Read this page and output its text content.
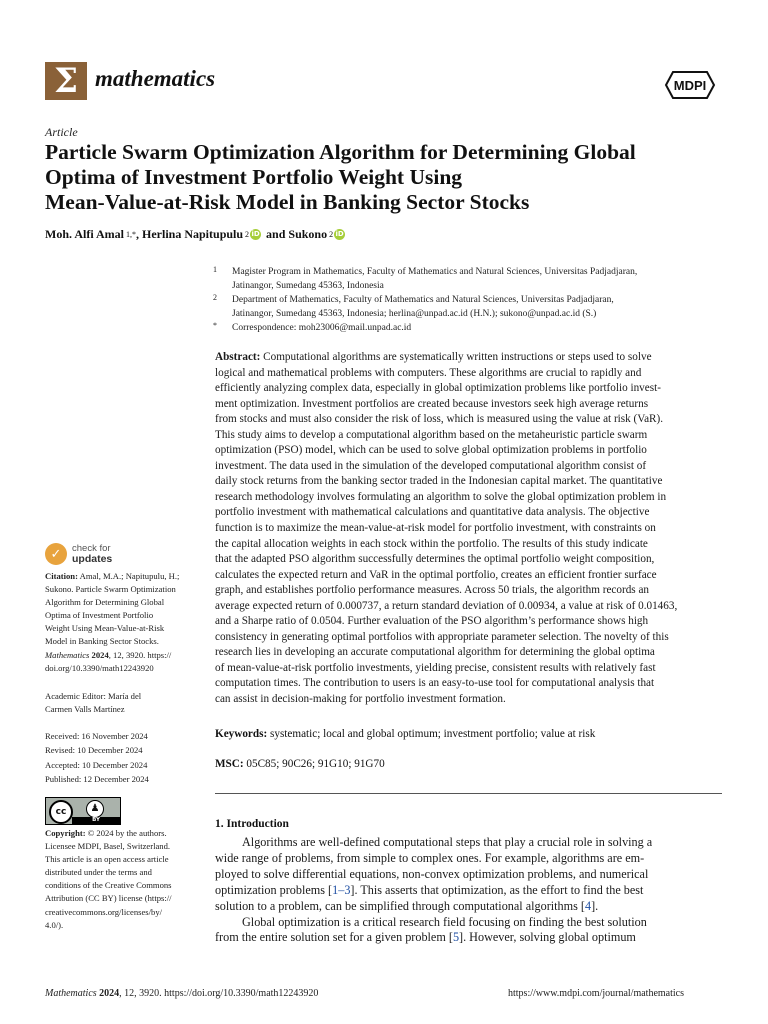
Σ mathematics	MDPI
Article
Particle Swarm Optimization Algorithm for Determining Global
Optima of Investment Portfolio Weight Using
Mean-Value-at-Risk Model in Banking Sector Stocks
Moh. Alfi Amal 1,* , Herlina Napitupulu 2 iD and Sukono 2 iD
1 Magister Program in Mathematics, Faculty of Mathematics and Natural Sciences, Universitas Padjadjaran,
Jatinangor, Sumedang 45363, Indonesia
2 Department of Mathematics, Faculty of Mathematics and Natural Sciences, Universitas Padjadjaran,
Jatinangor, Sumedang 45363, Indonesia; herlina@unpad.ac.id (H.N.); sukono@unpad.ac.id (S.)
* Correspondence: moh23006@mail.unpad.ac.id
Abstract: Computational algorithms are systematically written instructions or steps used to solve
logical and mathematical problems with computers. These algorithms are crucial to rapidly and
efficiently analyzing complex data, especially in global optimization problems like portfolio invest-
ment optimization. Investment portfolios are created because investors seek high average returns
from stocks and must also consider the risk of loss, which is measured using the value at risk (VaR).
This study aims to develop a computational algorithm based on the metaheuristic particle swarm
optimization (PSO) model, which can be used to solve global optimization problems in portfolio
investment. The data used in the simulation of the developed computational algorithm consist of
daily stock returns from the banking sector traded in the Indonesian capital market. The quantitative
research methodology involves formulating an algorithm to solve the global optimization problem in
portfolio investment with mathematical calculations and quantitative data analysis. The objective
function is to maximize the mean-value-at-risk model for portfolio investment, with constraints on
the capital allocation weights in each stock within the portfolio. The results of this study indicate
that the adapted PSO algorithm successfully determines the optimal portfolio weight composition,
calculates the expected return and VaR in the optimal portfolio, creates an efficient frontier surface
graph, and establishes portfolio performance measures. Across 50 trials, the algorithm records an
average expected return of 0.000737, a return standard deviation of 0.00934, a value at risk of 0.01463,
and a Sharpe ratio of 0.0504. Further evaluation of the PSO algorithm’s performance shows high
consistency in generating optimal portfolios with appropriate parameter selection. The novelty of this
research lies in developing an accurate computational algorithm for determining the global optima
of mean-value-at-risk portfolio investments, yielding precise, consistent results with relatively fast
computation times. The contribution to users is an easy-to-use tool for computational analysis that
can assist in decision-making for portfolio investment formation.
Keywords: systematic; local and global optimum; investment portfolio; value at risk
MSC: 05C85; 90C26; 91G10; 91G70
1. Introduction
Algorithms are well-defined computational steps that play a crucial role in solving a
wide range of problems, from simple to complex ones. For example, algorithms are em-
ployed to solve differential equations, non-convex optimization problems, and numerical
optimization problems [1–3]. This asserts that optimization, as the effort to find the best
solution to a problem, can be simplified through computational algorithms [4].
Global optimization is a critical research field focusing on finding the best solution
from the entire solution set for a given problem [5]. However, solving global optimum
✓	check for
updates
Citation: Amal, M.A.; Napitupulu, H.;
Sukono. Particle Swarm Optimization
Algorithm for Determining Global
Optima of Investment Portfolio
Weight Using Mean-Value-at-Risk
Model in Banking Sector Stocks.
Mathematics 2024, 12, 3920. https://
doi.org/10.3390/math12243920
Academic Editor: María del
Carmen Valls Martínez
Received: 16 November 2024
Revised: 10 December 2024
Accepted: 10 December 2024
Published: 12 December 2024
cc	♟
BY
Copyright: © 2024 by the authors.
Licensee MDPI, Basel, Switzerland.
This article is an open access article
distributed under the terms and
conditions of the Creative Commons
Attribution (CC BY) license (https://
creativecommons.org/licenses/by/
4.0/).
Mathematics 2024, 12, 3920. https://doi.org/10.3390/math12243920	https://www.mdpi.com/journal/mathematics
